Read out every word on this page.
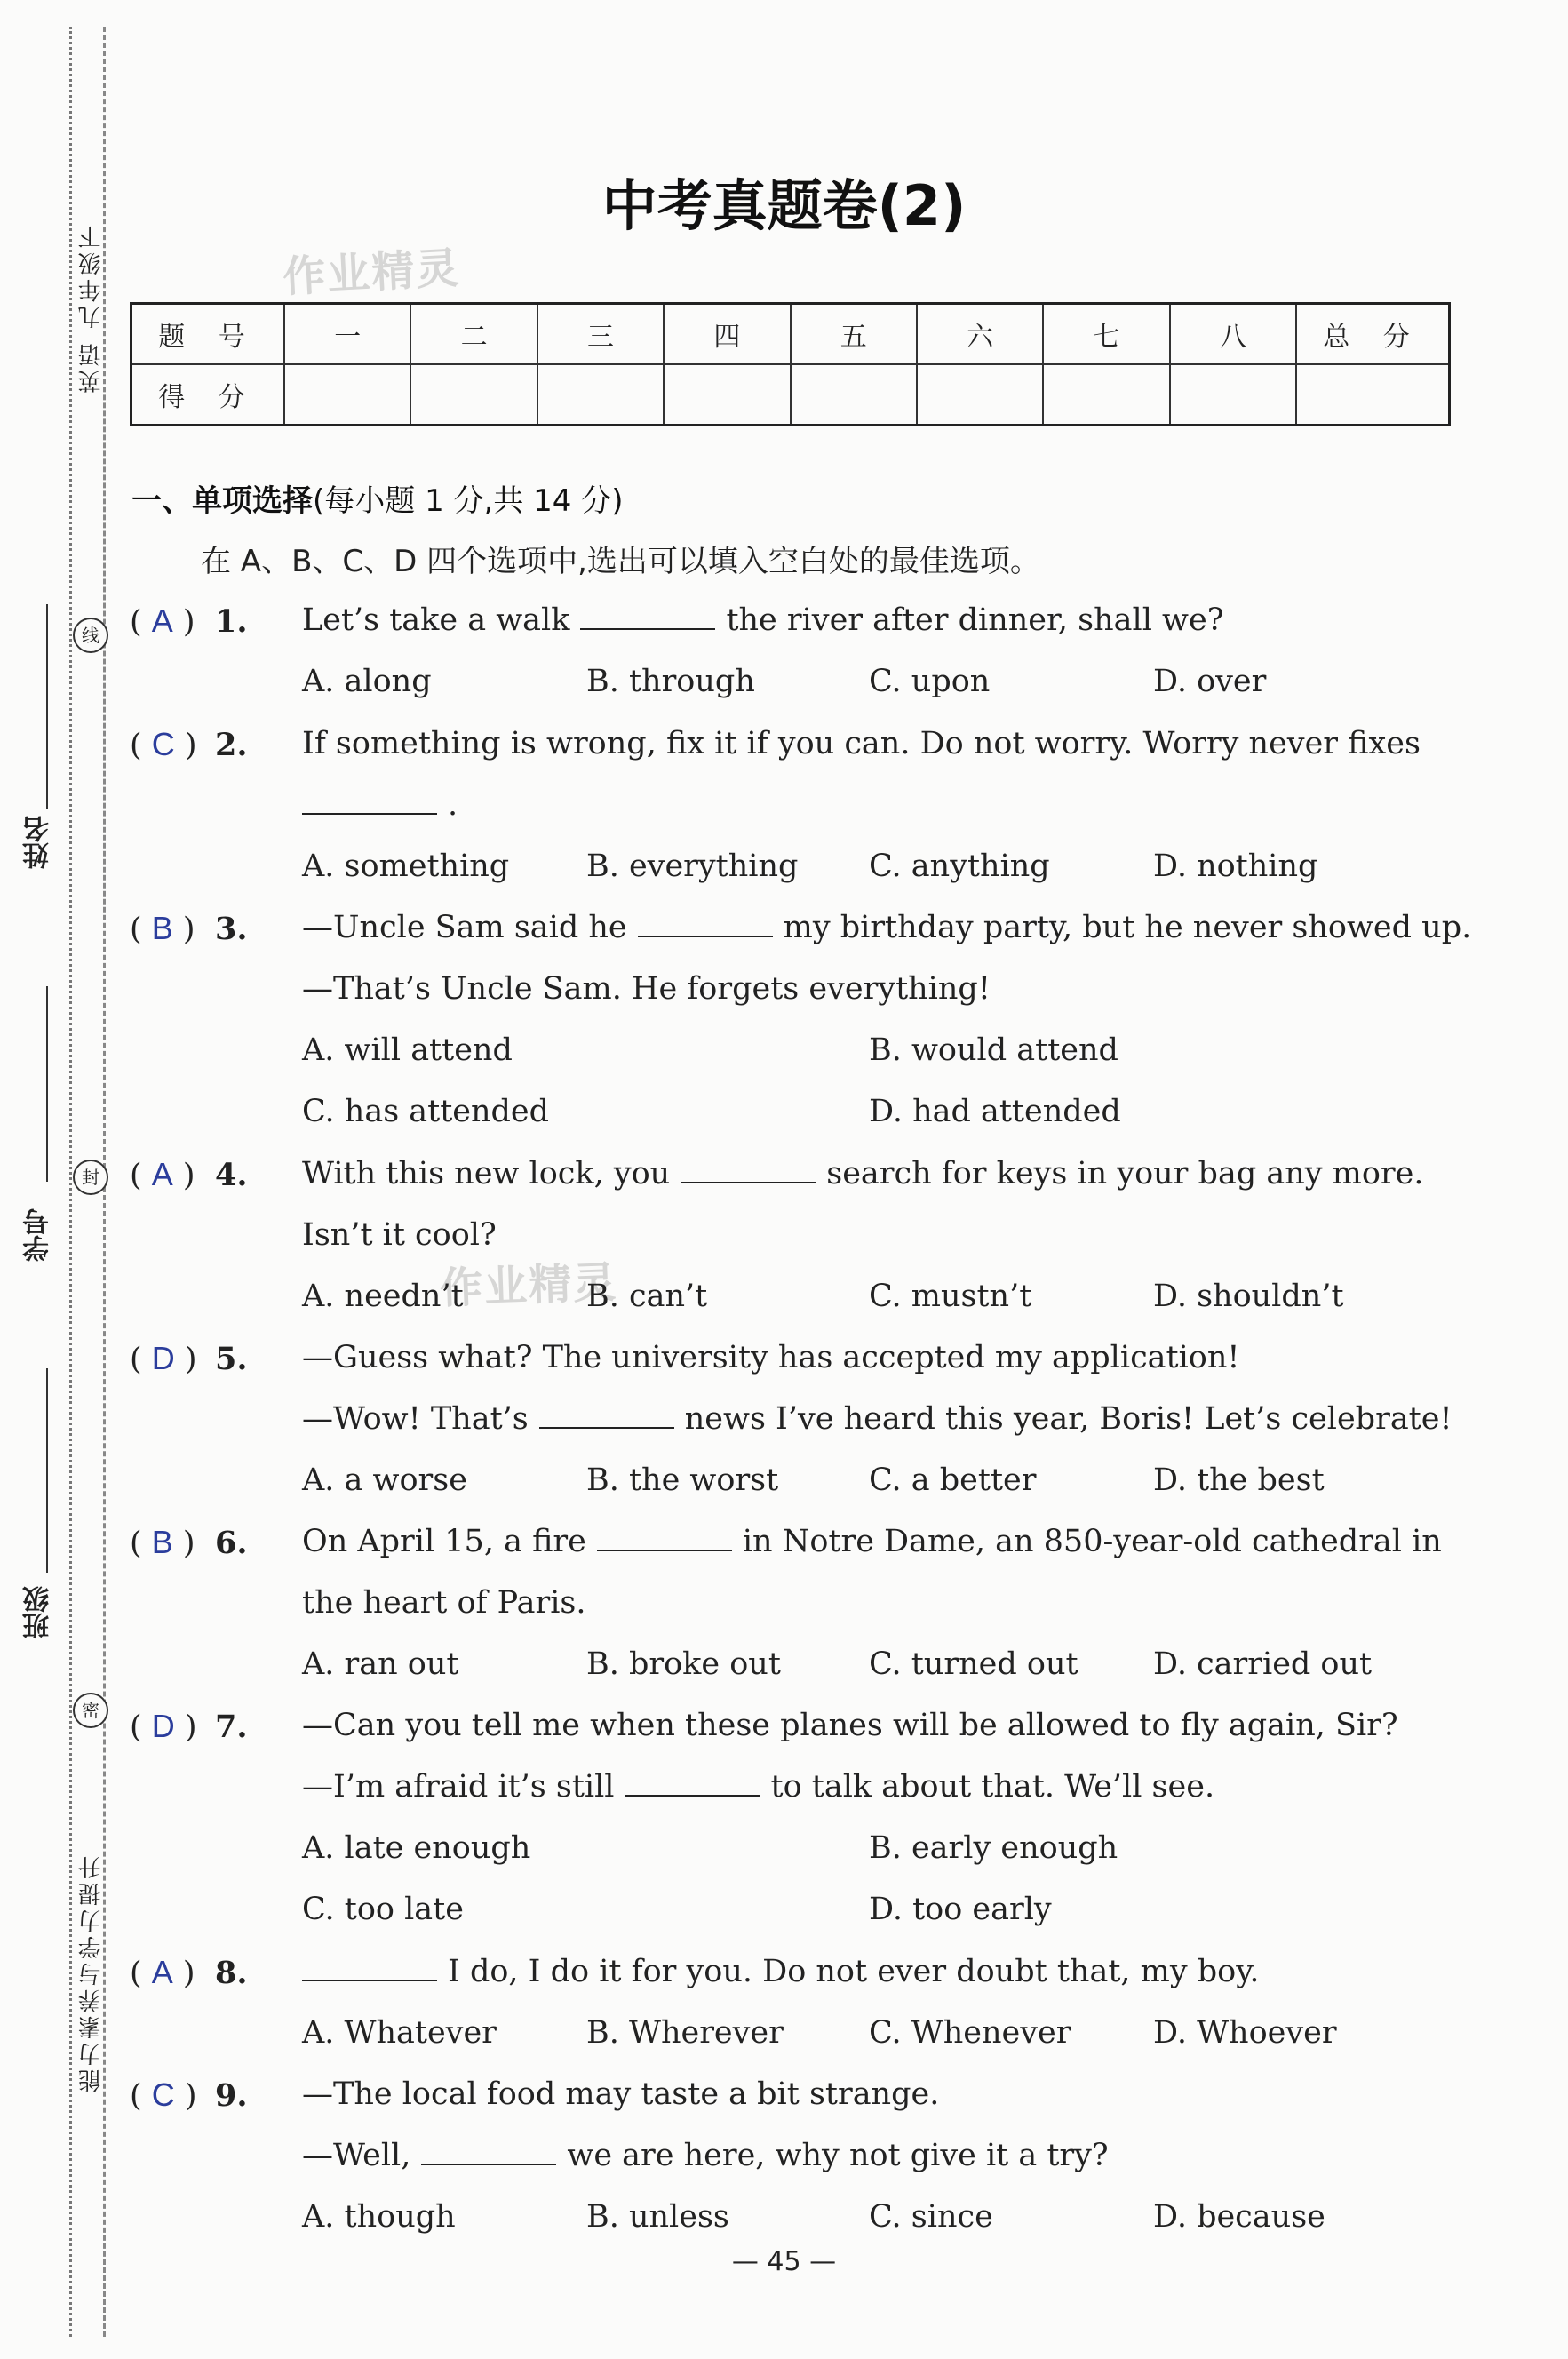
英语 九年级下
线
姓名
封
学号
班级
密
能力素养与学力提升
中考真题卷(2)
作业精灵
作业精灵
题 号	一	二	三	四	五	六	七	八	总 分
得 分									
一、单项选择(每小题 1 分,共 14 分)
在 A、B、C、D 四个选项中,选出可以填入空白处的最佳选项。
( A ) 1.	Let’s take a walk	the river after dinner, shall we?
A. along	B. through	C. upon	D. over
( C ) 2.	If something is wrong, fix it if you can. Do not worry. Worry never fixes
.
A. something B. everything C. anything	D. nothing
( B ) 3.	—Uncle Sam said he	my birthday party, but he never showed up.
—That’s Uncle Sam. He forgets everything!
A. will attend	B. would attend
C. has attended	D. had attended
( A ) 4.	With this new lock, you	search for keys in your bag any more.
Isn’t it cool?
A. needn’t	B. can’t	C. mustn’t	D. shouldn’t
( D ) 5.	—Guess what? The university has accepted my application!
—Wow! That’s	news I’ve heard this year, Boris! Let’s celebrate!
A. a worse	B. the worst	C. a better	D. the best
( B ) 6.	On April 15, a fire	in Notre Dame, an 850-year-old cathedral in
the heart of Paris.
A. ran out	B. broke out	C. turned out D. carried out
( D ) 7.	—Can you tell me when these planes will be allowed to fly again, Sir?
—I’m afraid it’s still	to talk about that. We’ll see.
A. late enough	B. early enough
C. too late	D. too early
( A ) 8.	I do, I do it for you. Do not ever doubt that, my boy.
A. Whatever	B. Wherever	C. Whenever	D. Whoever
( C ) 9.	—The local food may taste a bit strange.
—Well,	we are here, why not give it a try?
A. though	B. unless	C. since	D. because
— 45 —
